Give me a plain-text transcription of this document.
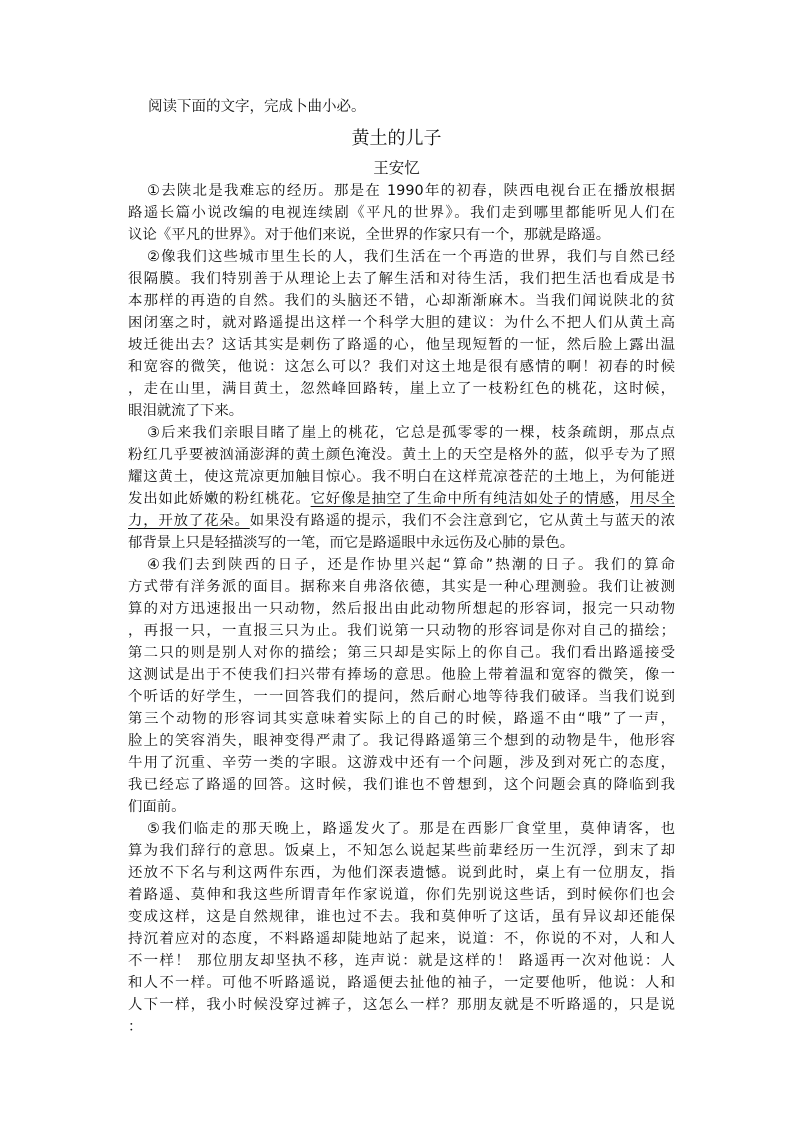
阅读下面的文字，完成卜曲小必。
黄土的儿子
王安忆
①去陕北是我难忘的经历。那是在 1990年的初春，陕西电视台正在播放根据
路遥长篇小说改编的电视连续剧《平凡的世界》。我们走到哪里都能听见人们在
议论《平凡的世界》。对于他们来说，全世界的作家只有一个，那就是路遥。
②像我们这些城市里生长的人，我们生活在一个再造的世界，我们与自然已经
很隔膜。我们特别善于从理论上去了解生活和对待生活，我们把生活也看成是书
本那样的再造的自然。我们的头脑还不错，心却渐渐麻木。当我们闻说陕北的贫
困闭塞之时，就对路遥提出这样一个科学大胆的建议：为什么不把人们从黄土高
坡迁徙出去？这话其实是刺伤了路遥的心，他呈现短暂的一怔，然后脸上露出温
和宽容的微笑，他说：这怎么可以？我们对这土地是很有感情的啊！初春的时候
，走在山里，满目黄土，忽然峰回路转，崖上立了一枝粉红色的桃花，这时候，
眼泪就流了下来。
③后来我们亲眼目睹了崖上的桃花，它总是孤零零的一棵，枝条疏朗，那点点
粉红几乎要被汹涌澎湃的黄土颜色淹没。黄土上的天空是格外的蓝，似乎专为了照
耀这黄土，使这荒凉更加触目惊心。我不明白在这样荒凉苍茫的土地上，为何能迸
发出如此娇嫩的粉红桃花。它好像是抽空了生命中所有纯洁如处子的情感，用尽全
力，开放了花朵。如果没有路遥的提示，我们不会注意到它，它从黄土与蓝天的浓
郁背景上只是轻描淡写的一笔，而它是路遥眼中永远伤及心肺的景色。
④我们去到陕西的日子，还是作协里兴起“算命”热潮的日子。我们的算命
方式带有洋务派的面目。据称来自弗洛依德，其实是一种心理测验。我们让被测
算的对方迅速报出一只动物，然后报出由此动物所想起的形容词，报完一只动物
，再报一只，一直报三只为止。我们说第一只动物的形容词是你对自己的描绘；
第二只的则是别人对你的描绘；第三只却是实际上的你自己。我们看出路遥接受
这测试是出于不使我们扫兴带有捧场的意思。他脸上带着温和宽容的微笑，像一
个听话的好学生，一一回答我们的提问，然后耐心地等待我们破译。当我们说到
第三个动物的形容词其实意味着实际上的自己的时候，路遥不由“哦”了一声，
脸上的笑容消失，眼神变得严肃了。我记得路遥第三个想到的动物是牛，他形容
牛用了沉重、辛劳一类的字眼。这游戏中还有一个问题，涉及到对死亡的态度，
我已经忘了路遥的回答。这时候，我们谁也不曾想到，这个问题会真的降临到我
们面前。
⑤我们临走的那天晚上，路遥发火了。那是在西影厂食堂里，莫伸请客，也
算为我们辞行的意思。饭桌上，不知怎么说起某些前辈经历一生沉浮，到末了却
还放不下名与利这两件东西，为他们深表遗憾。说到此时，桌上有一位朋友，指
着路遥、莫伸和我这些所谓青年作家说道，你们先别说这些话，到时候你们也会
变成这样，这是自然规律，谁也过不去。我和莫伸听了这话，虽有异议却还能保
持沉着应对的态度，不料路遥却陡地站了起来，说道：不，你说的不对，人和人
不一样！ 那位朋友却坚执不移，连声说：就是这样的！ 路遥再一次对他说：人
和人不一样。可他不听路遥说，路遥便去扯他的袖子，一定要他听，他说：人和
人下一样，我小时候没穿过裤子，这怎么一样？那朋友就是不听路遥的，只是说
：
